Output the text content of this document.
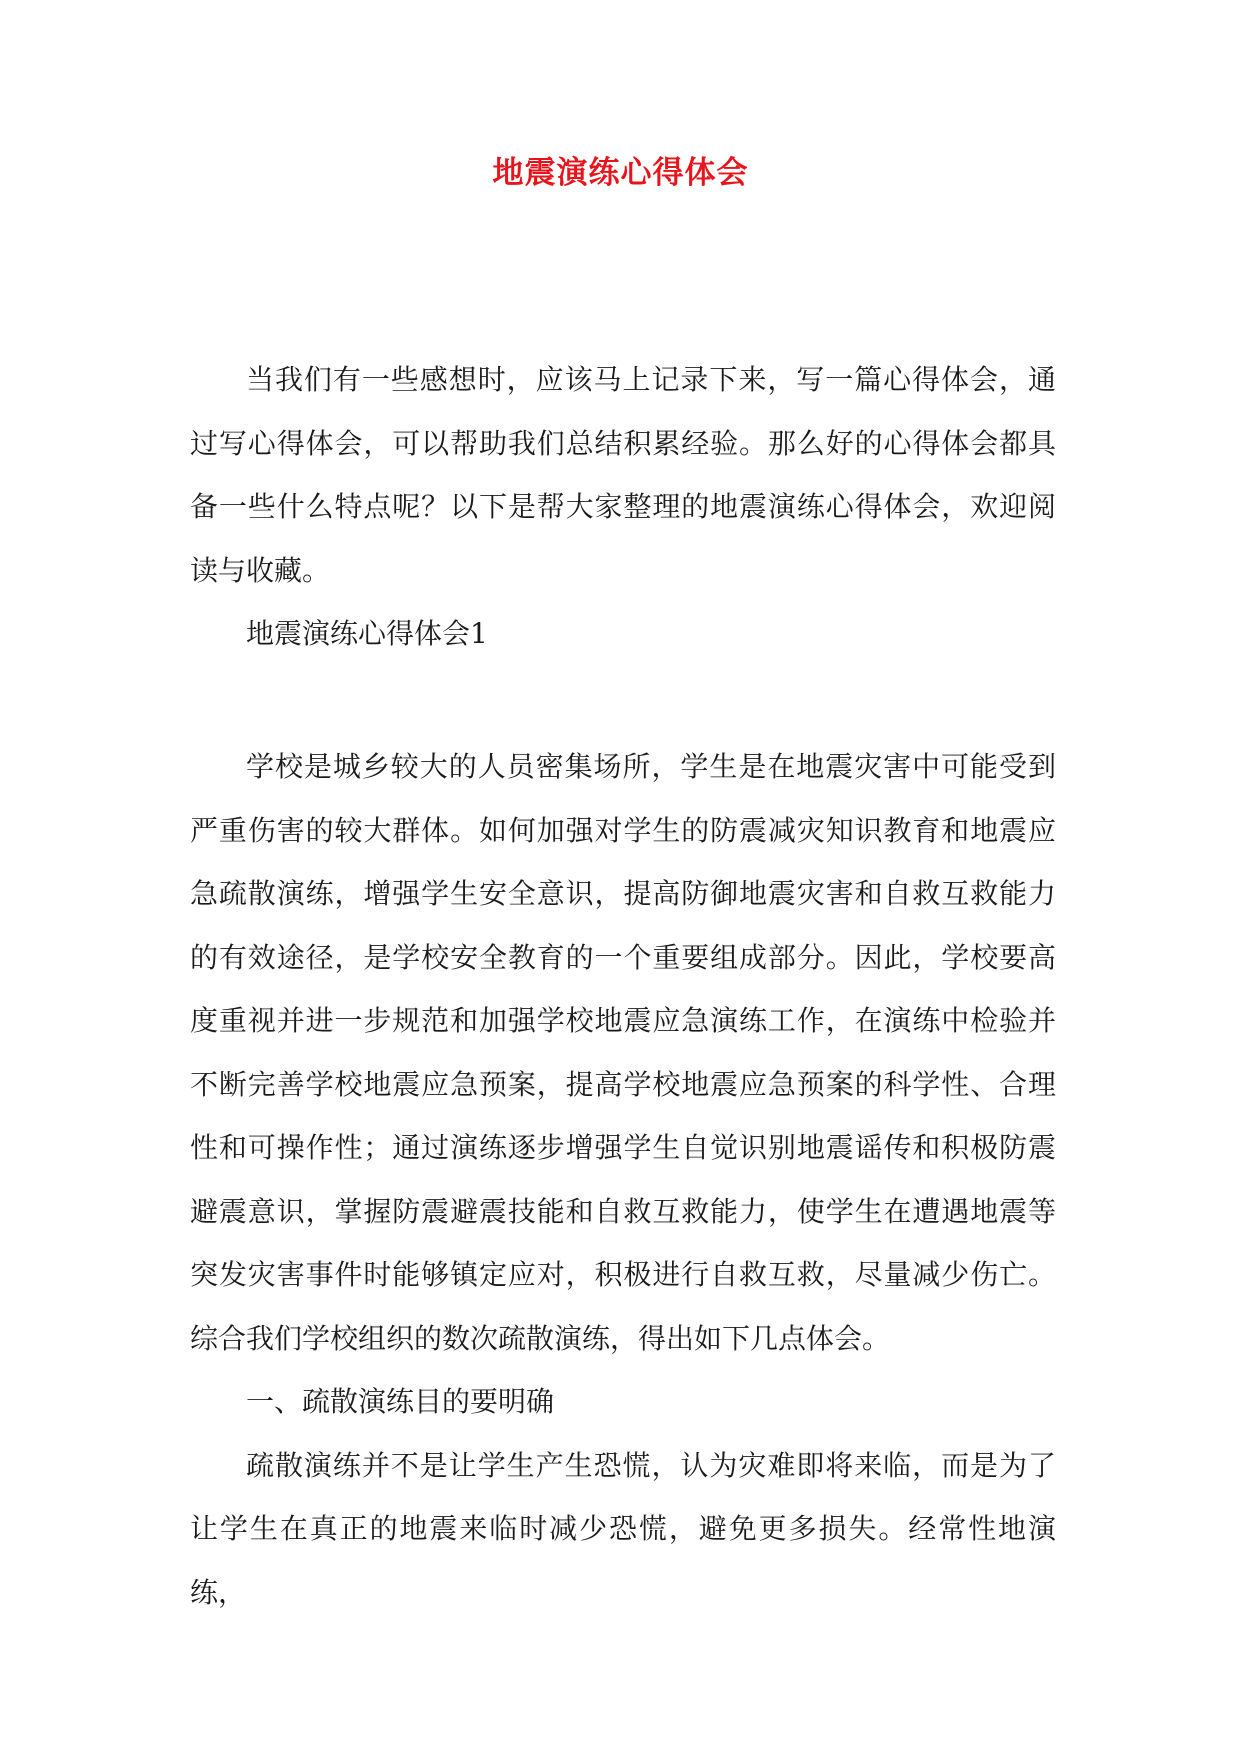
地震演练心得体会

当我们有一些感想时，应该马上记录下来，写一篇心得体会，通过写心得体会，可以帮助我们总结积累经验。那么好的心得体会都具备一些什么特点呢？以下是帮大家整理的地震演练心得体会，欢迎阅读与收藏。

地震演练心得体会1

学校是城乡较大的人员密集场所，学生是在地震灾害中可能受到严重伤害的较大群体。如何加强对学生的防震减灾知识教育和地震应急疏散演练，增强学生安全意识，提高防御地震灾害和自救互救能力的有效途径，是学校安全教育的一个重要组成部分。因此，学校要高度重视并进一步规范和加强学校地震应急演练工作，在演练中检验并不断完善学校地震应急预案，提高学校地震应急预案的科学性、合理性和可操作性；通过演练逐步增强学生自觉识别地震谣传和积极防震避震意识，掌握防震避震技能和自救互救能力，使学生在遭遇地震等突发灾害事件时能够镇定应对，积极进行自救互救，尽量减少伤亡。综合我们学校组织的数次疏散演练，得出如下几点体会。

一、疏散演练目的要明确

疏散演练并不是让学生产生恐慌，认为灾难即将来临，而是为了让学生在真正的地震来临时减少恐慌，避免更多损失。经常性地演练，
